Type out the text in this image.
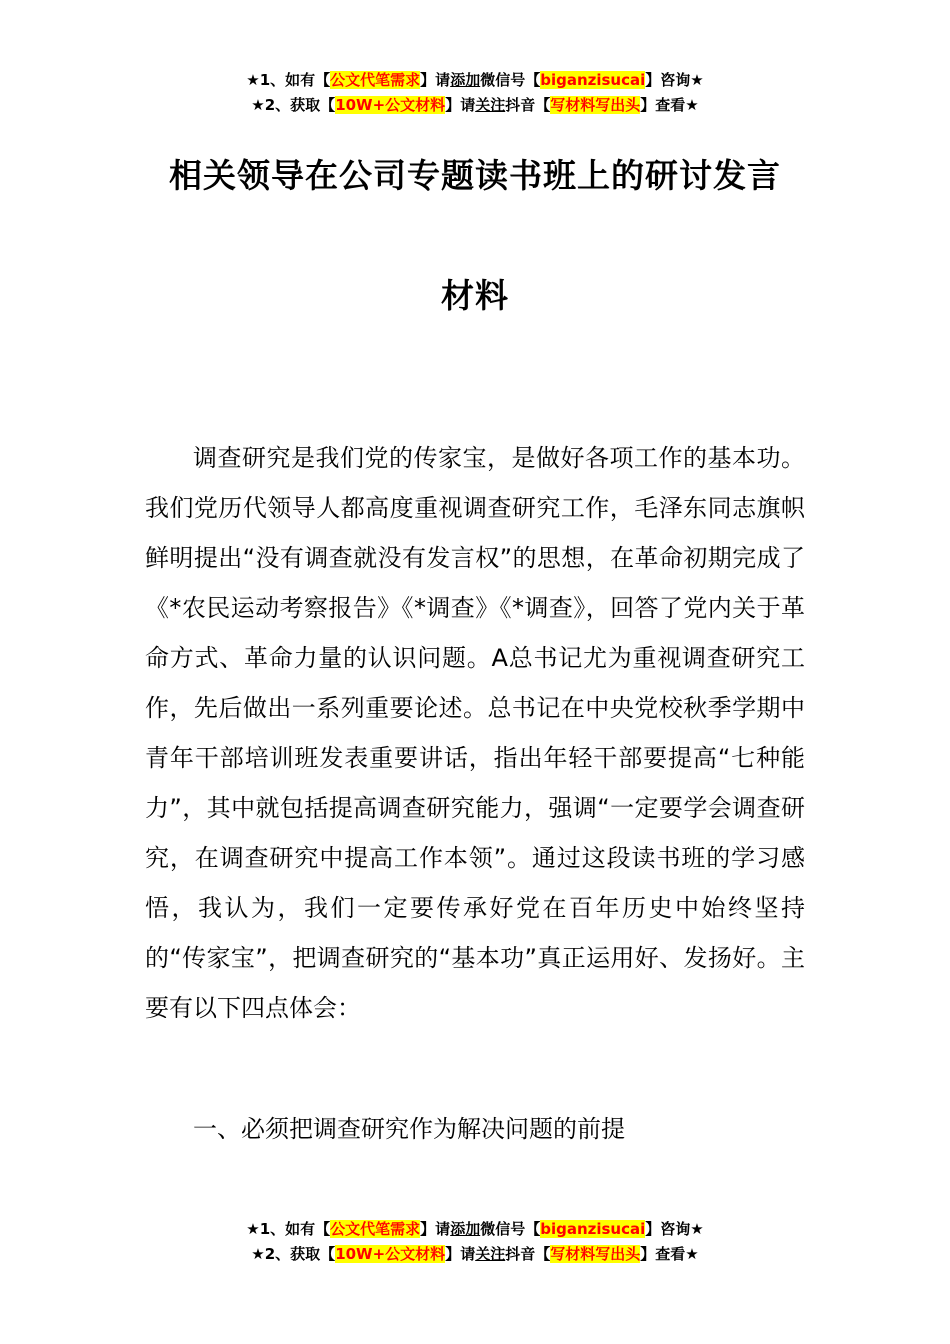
★1、如有【公文代笔需求】请添加微信号【biganzisucai】咨询★
★2、获取【10W+公文材料】请关注抖音【写材料写出头】查看★
相关领导在公司专题读书班上的研讨发言
材料
调查研究是我们党的传家宝，是做好各项工作的基本功。我们党历代领导人都高度重视调查研究工作，毛泽东同志旗帜鲜明提出“没有调查就没有发言权”的思想，在革命初期完成了《*农民运动考察报告》《*调查》《*调查》，回答了党内关于革命方式、革命力量的认识问题。A总书记尤为重视调查研究工作，先后做出一系列重要论述。总书记在中央党校秋季学期中青年干部培训班发表重要讲话，指出年轻干部要提高“七种能力”，其中就包括提高调查研究能力，强调“一定要学会调查研究，在调查研究中提高工作本领”。通过这段读书班的学习感悟，我认为，我们一定要传承好党在百年历史中始终坚持的“传家宝”，把调查研究的“基本功”真正运用好、发扬好。主要有以下四点体会：
一、必须把调查研究作为解决问题的前提
★1、如有【公文代笔需求】请添加微信号【biganzisucai】咨询★
★2、获取【10W+公文材料】请关注抖音【写材料写出头】查看★
